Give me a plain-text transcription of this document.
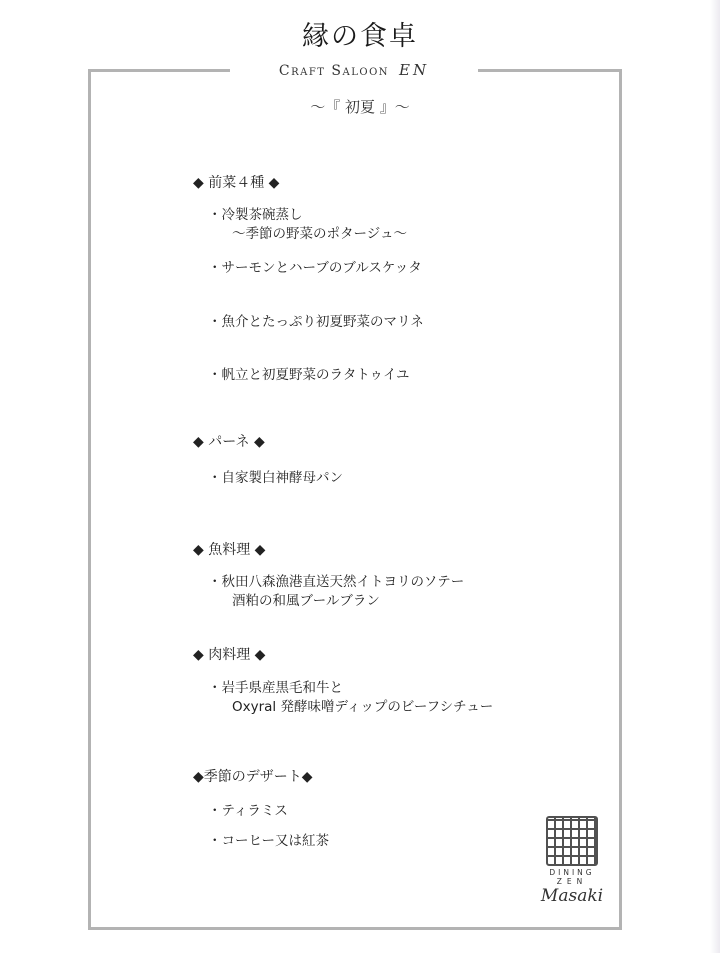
縁の食卓
Craft Saloon EN
～『 初夏 』～
◆ 前菜４種 ◆
・冷製茶碗蒸し
～季節の野菜のポタージュ～
・サーモンとハーブのブルスケッタ
・魚介とたっぷり初夏野菜のマリネ
・帆立と初夏野菜のラタトゥイユ
◆ パーネ ◆
・自家製白神酵母パン
◆ 魚料理 ◆
・秋田八森漁港直送天然イトヨリのソテー
酒粕の和風ブールブラン
◆ 肉料理 ◆
・岩手県産黒毛和牛と
Oxyral 発酵味噌ディップのビーフシチュー
◆季節のデザート◆
・ティラミス
・コーヒー又は紅茶
DINING
ZEN
Masaki
